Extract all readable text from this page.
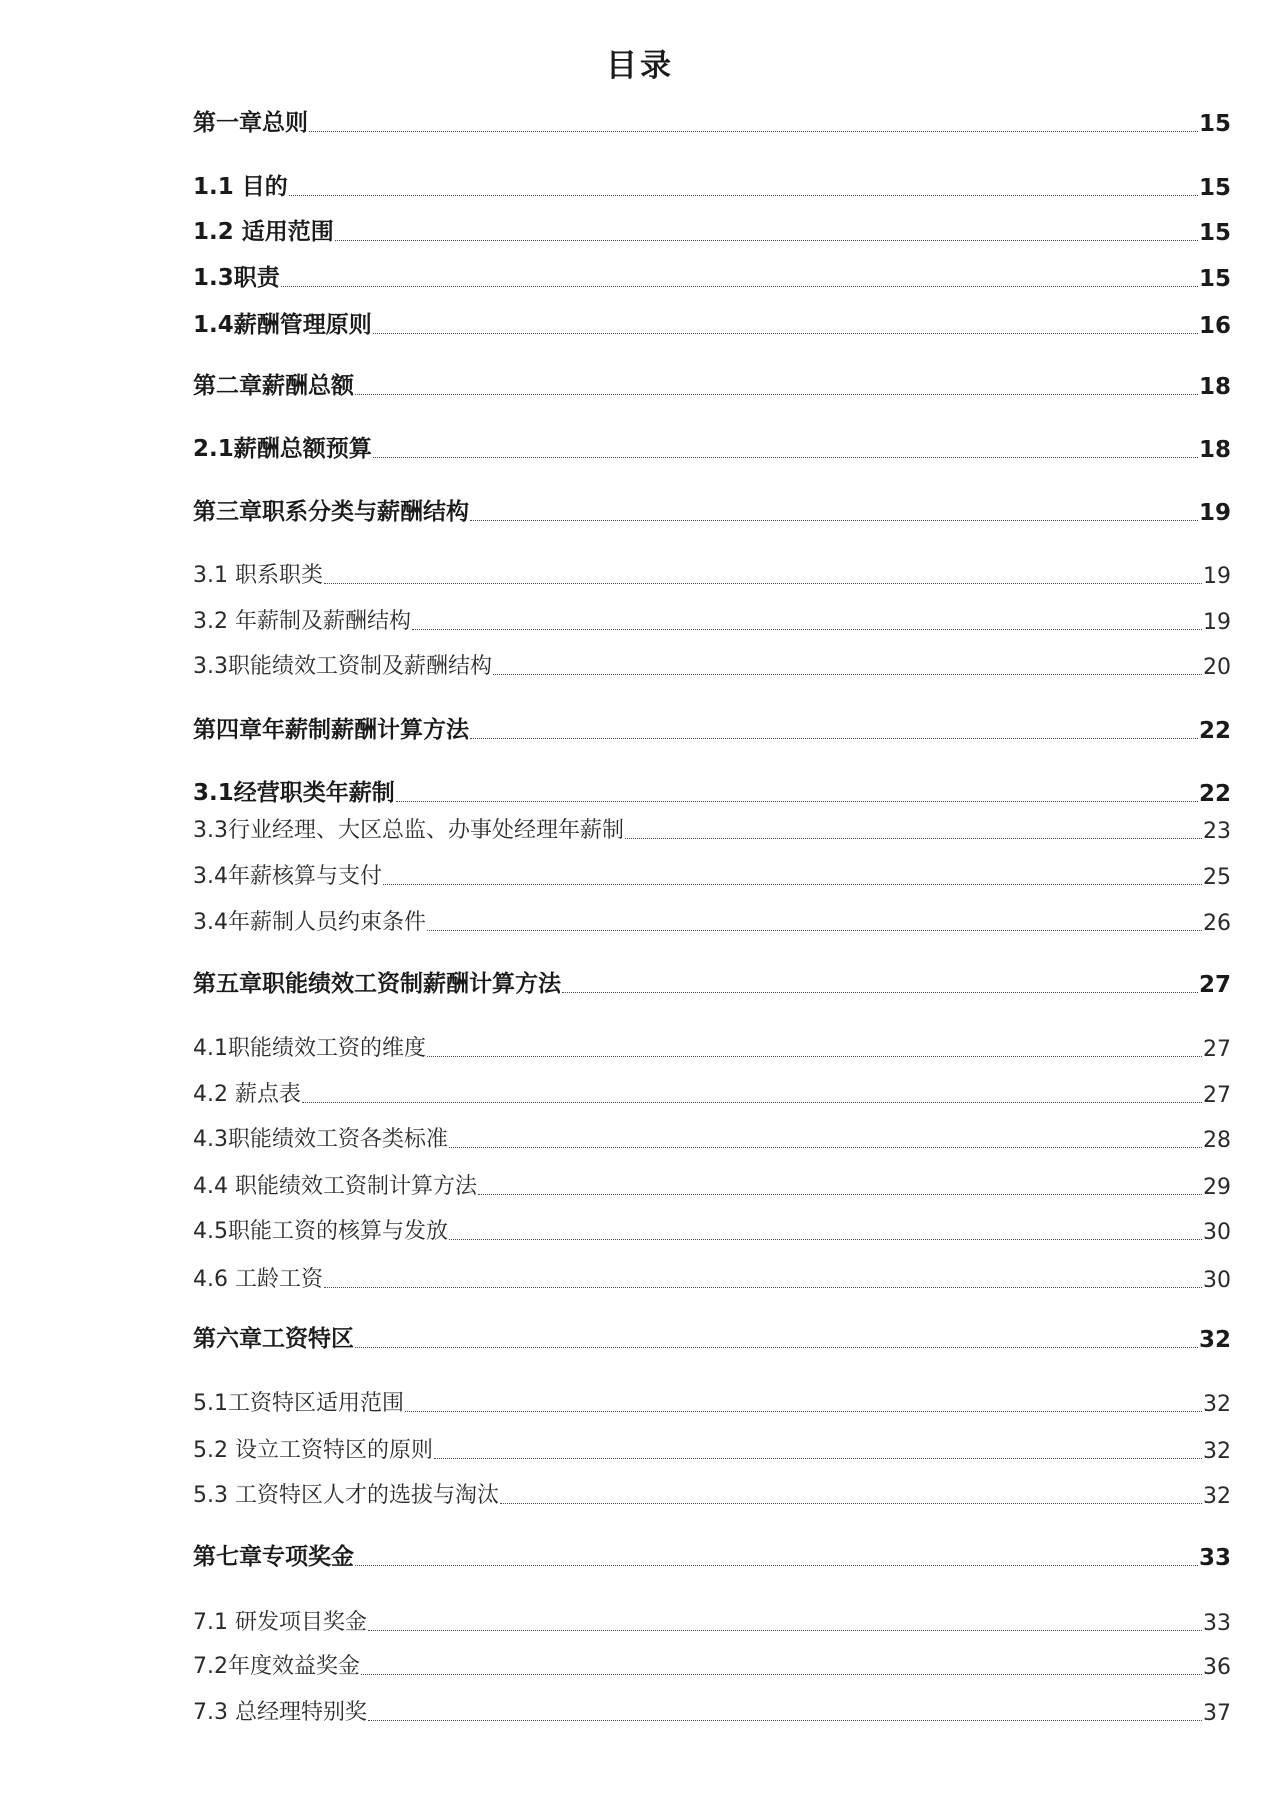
目录
第一章总则	15
1.1 目的	15
1.2 适用范围	15
1.3职责	15
1.4薪酬管理原则	16
第二章薪酬总额	18
2.1薪酬总额预算	18
第三章职系分类与薪酬结构	19
3.1 职系职类	19
3.2 年薪制及薪酬结构	19
3.3职能绩效工资制及薪酬结构	20
第四章年薪制薪酬计算方法	22
3.1经营职类年薪制	22
3.3行业经理、大区总监、办事处经理年薪制	23
3.4年薪核算与支付	25
3.4年薪制人员约束条件	26
第五章职能绩效工资制薪酬计算方法	27
4.1职能绩效工资的维度	27
4.2 薪点表	27
4.3职能绩效工资各类标准	28
4.4 职能绩效工资制计算方法	29
4.5职能工资的核算与发放	30
4.6 工龄工资	30
第六章工资特区	32
5.1工资特区适用范围	32
5.2 设立工资特区的原则	32
5.3 工资特区人才的选拔与淘汰	32
第七章专项奖金	33
7.1 研发项目奖金	33
7.2年度效益奖金	36
7.3 总经理特别奖	37
